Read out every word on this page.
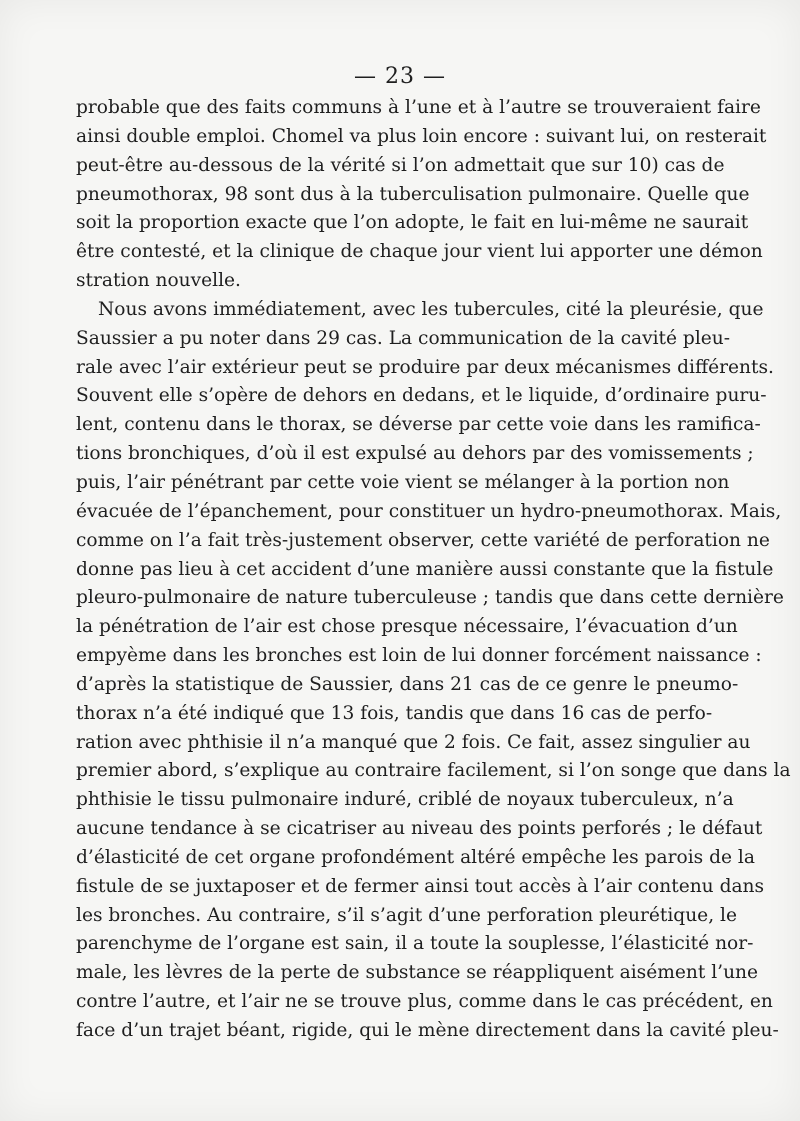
— 23 —
probable que des faits communs à l’une et à l’autre se trouveraient faire
ainsi double emploi. Chomel va plus loin encore : suivant lui, on resterait
peut-être au-dessous de la vérité si l’on admettait que sur 10) cas de
pneumothorax, 98 sont dus à la tuberculisation pulmonaire. Quelle que
soit la proportion exacte que l’on adopte, le fait en lui-même ne saurait
être contesté, et la clinique de chaque jour vient lui apporter une démon
stration nouvelle.
Nous avons immédiatement, avec les tubercules, cité la pleurésie, que
Saussier a pu noter dans 29 cas. La communication de la cavité pleu-
rale avec l’air extérieur peut se produire par deux mécanismes différents.
Souvent elle s’opère de dehors en dedans, et le liquide, d’ordinaire puru-
lent, contenu dans le thorax, se déverse par cette voie dans les ramifica-
tions bronchiques, d’où il est expulsé au dehors par des vomissements ;
puis, l’air pénétrant par cette voie vient se mélanger à la portion non
évacuée de l’épanchement, pour constituer un hydro-pneumothorax. Mais,
comme on l’a fait très-justement observer, cette variété de perforation ne
donne pas lieu à cet accident d’une manière aussi constante que la fistule
pleuro-pulmonaire de nature tuberculeuse ; tandis que dans cette dernière
la pénétration de l’air est chose presque nécessaire, l’évacuation d’un
empyème dans les bronches est loin de lui donner forcément naissance :
d’après la statistique de Saussier, dans 21 cas de ce genre le pneumo-
thorax n’a été indiqué que 13 fois, tandis que dans 16 cas de perfo-
ration avec phthisie il n’a manqué que 2 fois. Ce fait, assez singulier au
premier abord, s’explique au contraire facilement, si l’on songe que dans la
phthisie le tissu pulmonaire induré, criblé de noyaux tuberculeux, n’a
aucune tendance à se cicatriser au niveau des points perforés ; le défaut
d’élasticité de cet organe profondément altéré empêche les parois de la
fistule de se juxtaposer et de fermer ainsi tout accès à l’air contenu dans
les bronches. Au contraire, s’il s’agit d’une perforation pleurétique, le
parenchyme de l’organe est sain, il a toute la souplesse, l’élasticité nor-
male, les lèvres de la perte de substance se réappliquent aisément l’une
contre l’autre, et l’air ne se trouve plus, comme dans le cas précédent, en
face d’un trajet béant, rigide, qui le mène directement dans la cavité pleu-
